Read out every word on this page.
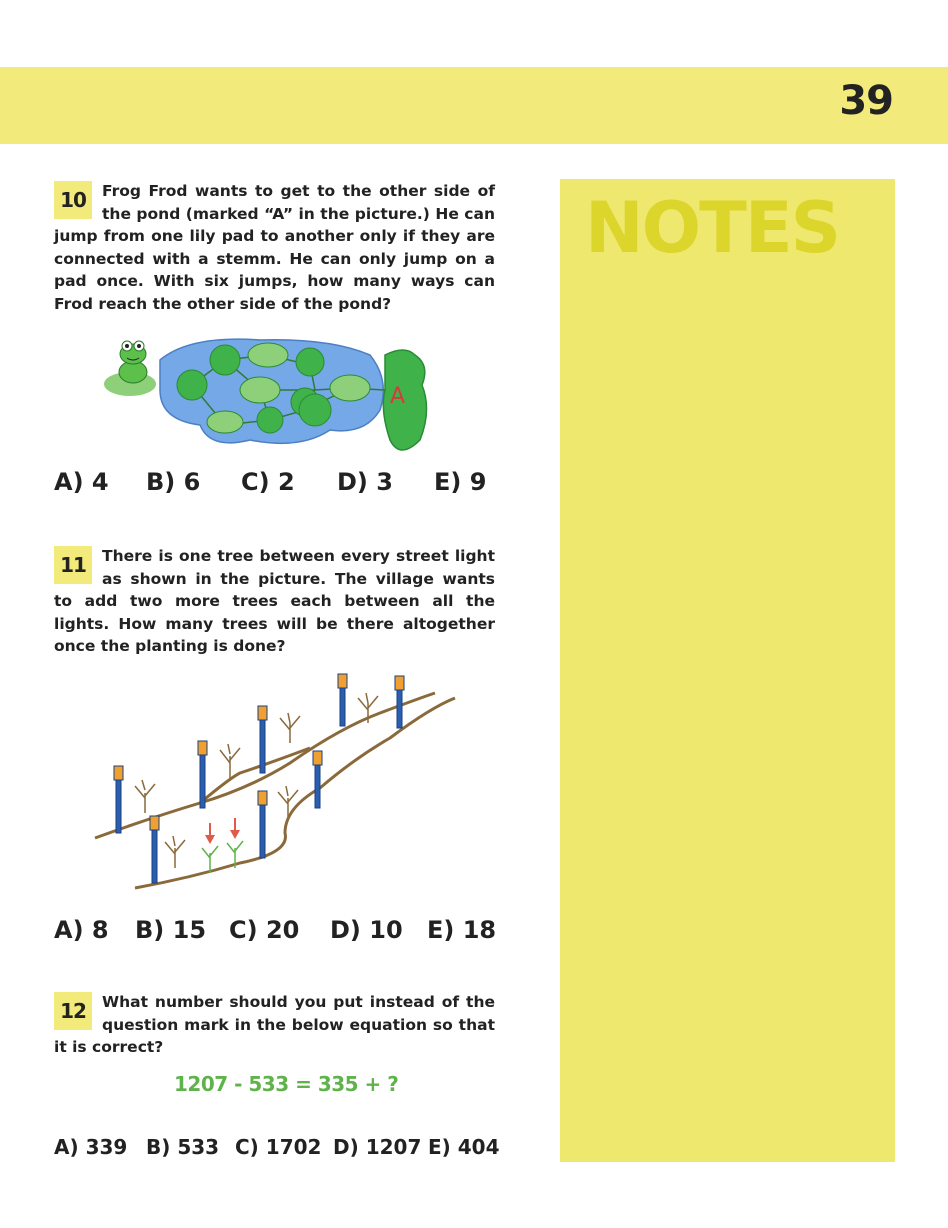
39
NOTES

10	Frog Frod wants to get to the other side of the pond (marked “A” in the picture.) He can jump from one lily pad to another only if they are connected with a stemm. He can only jump on a pad once. With six jumps, how many ways can Frod reach the other side of the pond?

A
A) 4	B) 6	C) 2	D) 3	E) 9

11	There is one tree between every street light as shown in the picture. The village wants to add two more trees each between all the lights. How many trees will be there altogether once the planting is done?

A) 8	B) 15 C) 20	D) 10	E) 18

12	What number should you put instead of the question mark in the below equation so that it is correct?

1207 - 533 = 335 + ?
A) 339 B) 533 C) 1702 D) 1207 E) 404
